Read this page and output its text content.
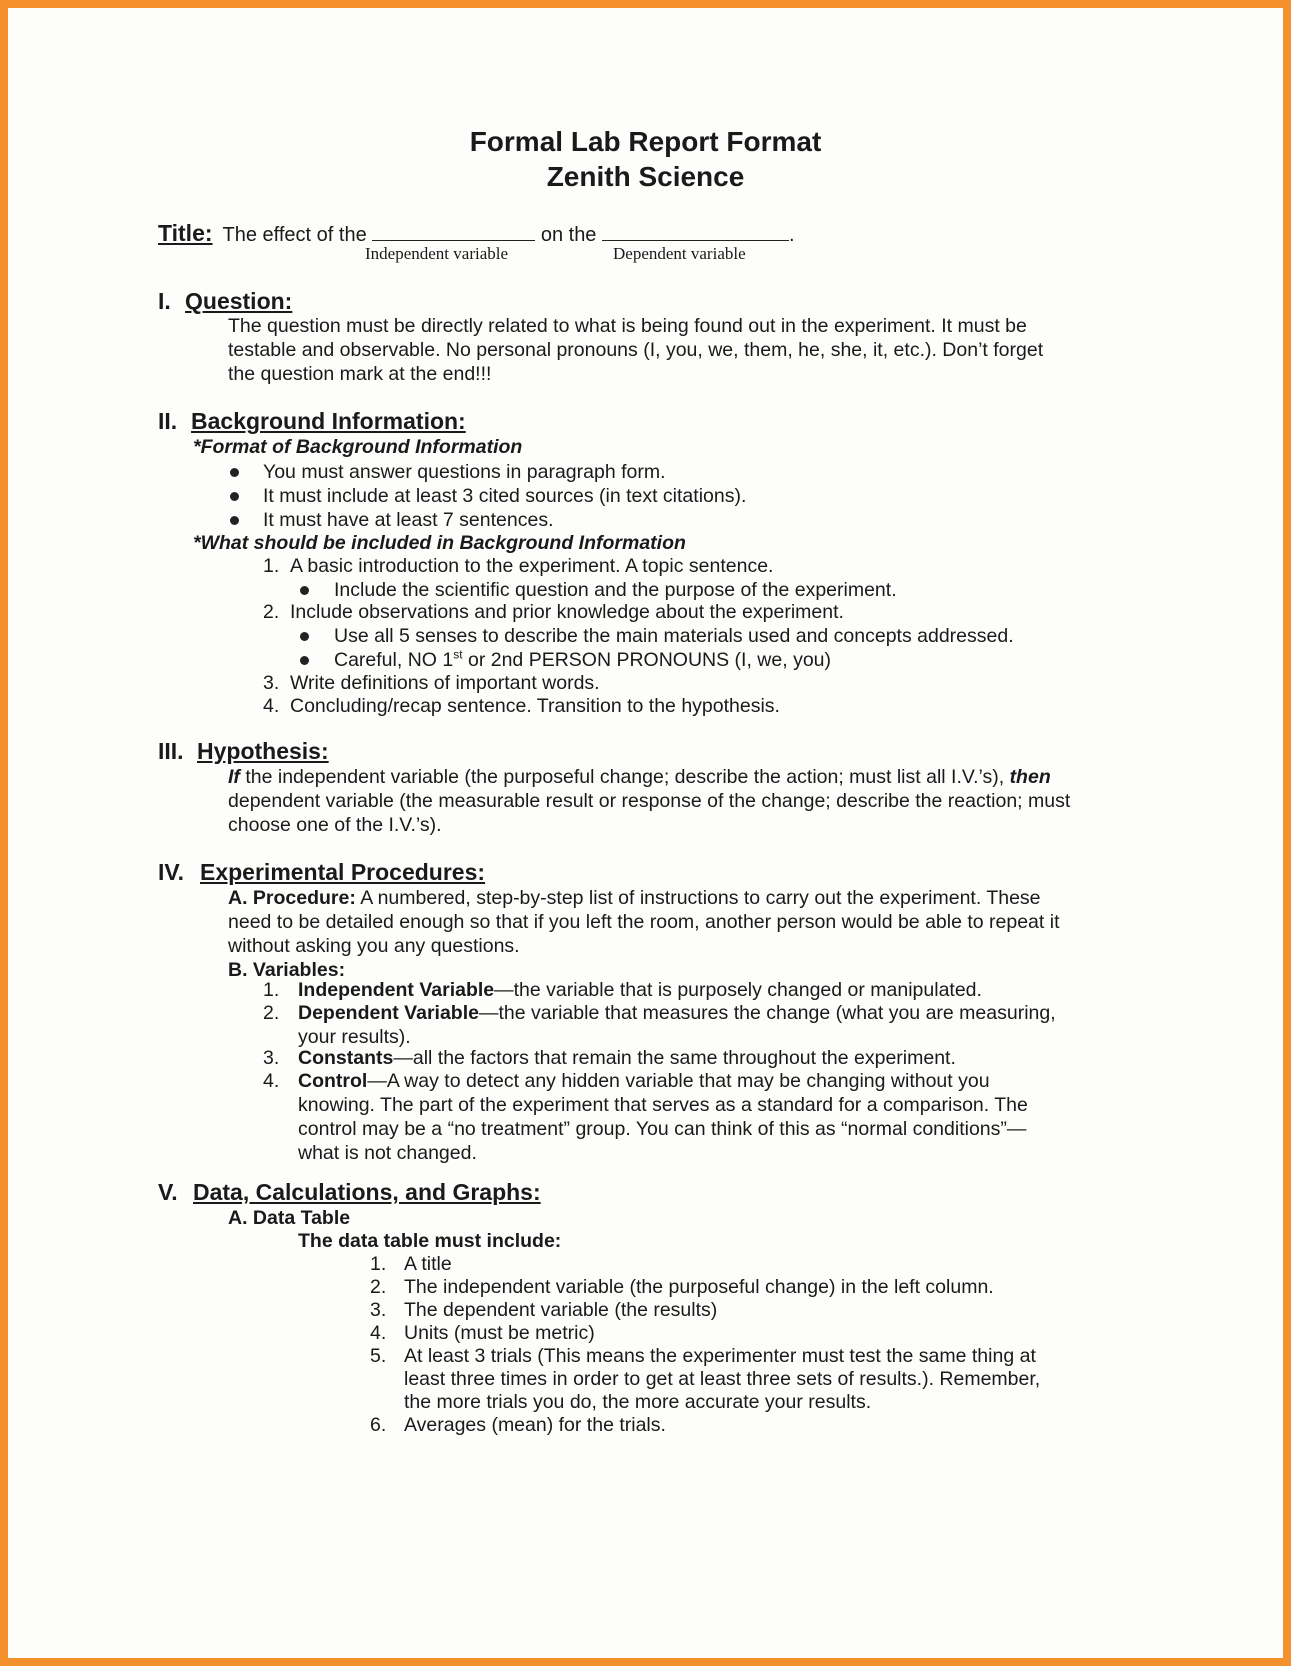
Formal Lab Report Format
Zenith Science
Title: The effect of the	on the	.
Independent variable	Dependent variable
I. Question:
The question must be directly related to what is being found out in the experiment. It must be
testable and observable. No personal pronouns (I, you, we, them, he, she, it, etc.). Don’t forget
the question mark at the end!!!
II. Background Information:
*Format of Background Information
You must answer questions in paragraph form.
It must include at least 3 cited sources (in text citations).
It must have at least 7 sentences.
*What should be included in Background Information
1. A basic introduction to the experiment. A topic sentence.
Include the scientific question and the purpose of the experiment.
2. Include observations and prior knowledge about the experiment.
Use all 5 senses to describe the main materials used and concepts addressed.
Careful, NO 1st or 2nd PERSON PRONOUNS (I, we, you)
3. Write definitions of important words.
4. Concluding/recap sentence. Transition to the hypothesis.
III. Hypothesis:
If the independent variable (the purposeful change; describe the action; must list all I.V.’s), then
dependent variable (the measurable result or response of the change; describe the reaction; must
choose one of the I.V.’s).
IV. Experimental Procedures:
A. Procedure: A numbered, step-by-step list of instructions to carry out the experiment. These
need to be detailed enough so that if you left the room, another person would be able to repeat it
without asking you any questions.
B. Variables:
1. Independent Variable—the variable that is purposely changed or manipulated.
2. Dependent Variable—the variable that measures the change (what you are measuring,
your results).
3. Constants—all the factors that remain the same throughout the experiment.
4. Control—A way to detect any hidden variable that may be changing without you
knowing. The part of the experiment that serves as a standard for a comparison. The
control may be a “no treatment” group. You can think of this as “normal conditions”—
what is not changed.
V. Data, Calculations, and Graphs:
A. Data Table
The data table must include:
1. A title
2. The independent variable (the purposeful change) in the left column.
3. The dependent variable (the results)
4. Units (must be metric)
5. At least 3 trials (This means the experimenter must test the same thing at
least three times in order to get at least three sets of results.). Remember,
the more trials you do, the more accurate your results.
6. Averages (mean) for the trials.
